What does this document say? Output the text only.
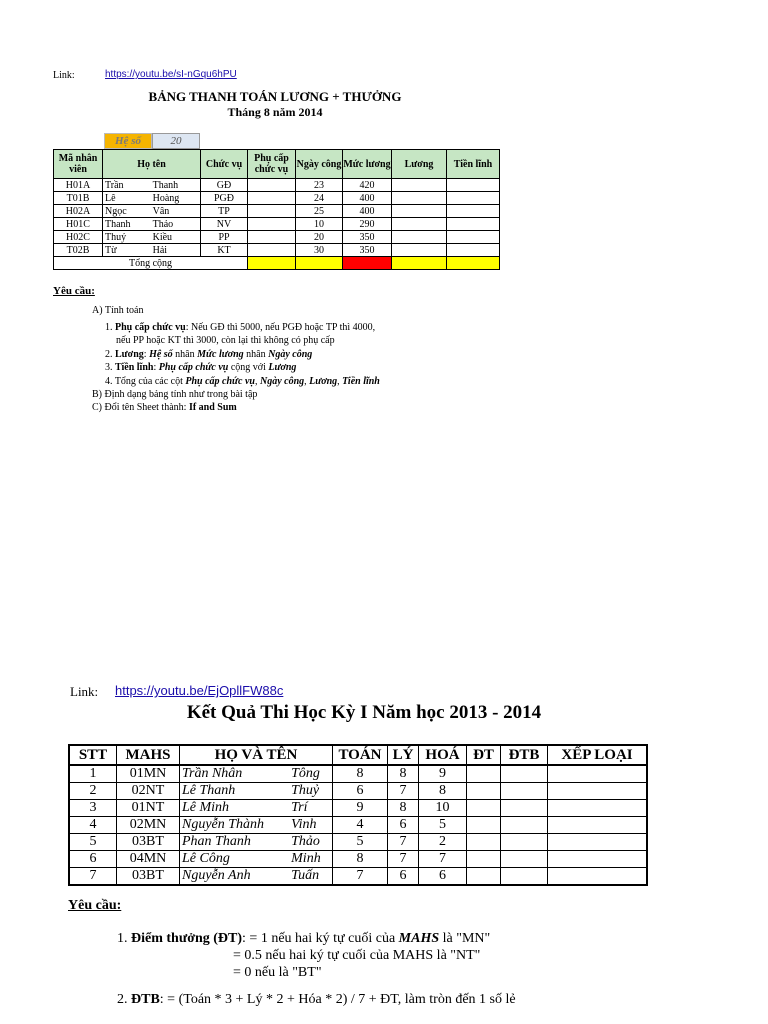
Link:	https://youtu.be/sI-nGqu6hPU
BẢNG THANH TOÁN LƯƠNG + THƯỞNG
Tháng 8 năm 2014
Hệ số	20
Mã nhân viên	Họ tên		Chức vụ	Phụ cấp chức vụ	Ngày công	Mức lương	Lương	Tiền lĩnh
H01A	Trần	Thanh	GĐ		23	420		
T01B	Lê	Hoàng	PGĐ		24	400		
H02A	Ngọc	Vân	TP		25	400		
H01C	Thanh	Thảo	NV		10	290		
H02C	Thuý	Kiều	PP		20	350		
T02B	Từ	Hải	KT		30	350		
Tổng cộng								
Yêu cầu:
A) Tính toán
1. Phụ cấp chức vụ: Nếu GĐ thì 5000, nếu PGĐ hoặc TP thì 4000,
nếu PP hoặc KT thì 3000, còn lại thì không có phụ cấp
2. Lương: Hệ số nhân Mức lương nhân Ngày công
3. Tiền lĩnh: Phụ cấp chức vụ cộng với Lương
4. Tổng của các cột Phụ cấp chức vụ, Ngày công, Lương, Tiền lĩnh
B) Định dạng bảng tính như trong bài tập
C) Đổi tên Sheet thành: If and Sum
Link: https://youtu.be/EjOpllFW88c
Kết Quả Thi Học Kỳ I Năm học 2013 - 2014
STT	MAHS	HỌ VÀ TÊN		TOÁN	LÝ	HOÁ	ĐT	ĐTB	XẾP LOẠI
1	01MN	Trần Nhân	Tông	8	8	9			
2	02NT	Lê Thanh	Thuỷ	6	7	8			
3	01NT	Lê Minh	Trí	9	8	10			
4	02MN	Nguyễn Thành	Vinh	4	6	5			
5	03BT	Phan Thanh	Thảo	5	7	2			
6	04MN	Lê Công	Minh	8	7	7			
7	03BT	Nguyễn Anh	Tuấn	7	6	6			
Yêu cầu:
1. Điểm thưởng (ĐT): = 1 nếu hai ký tự cuối của MAHS là "MN"
= 0.5 nếu hai ký tự cuối của MAHS là "NT"
= 0 nếu là "BT"
2. ĐTB: = (Toán * 3 + Lý * 2 + Hóa * 2) / 7 + ĐT, làm tròn đến 1 số lẻ
